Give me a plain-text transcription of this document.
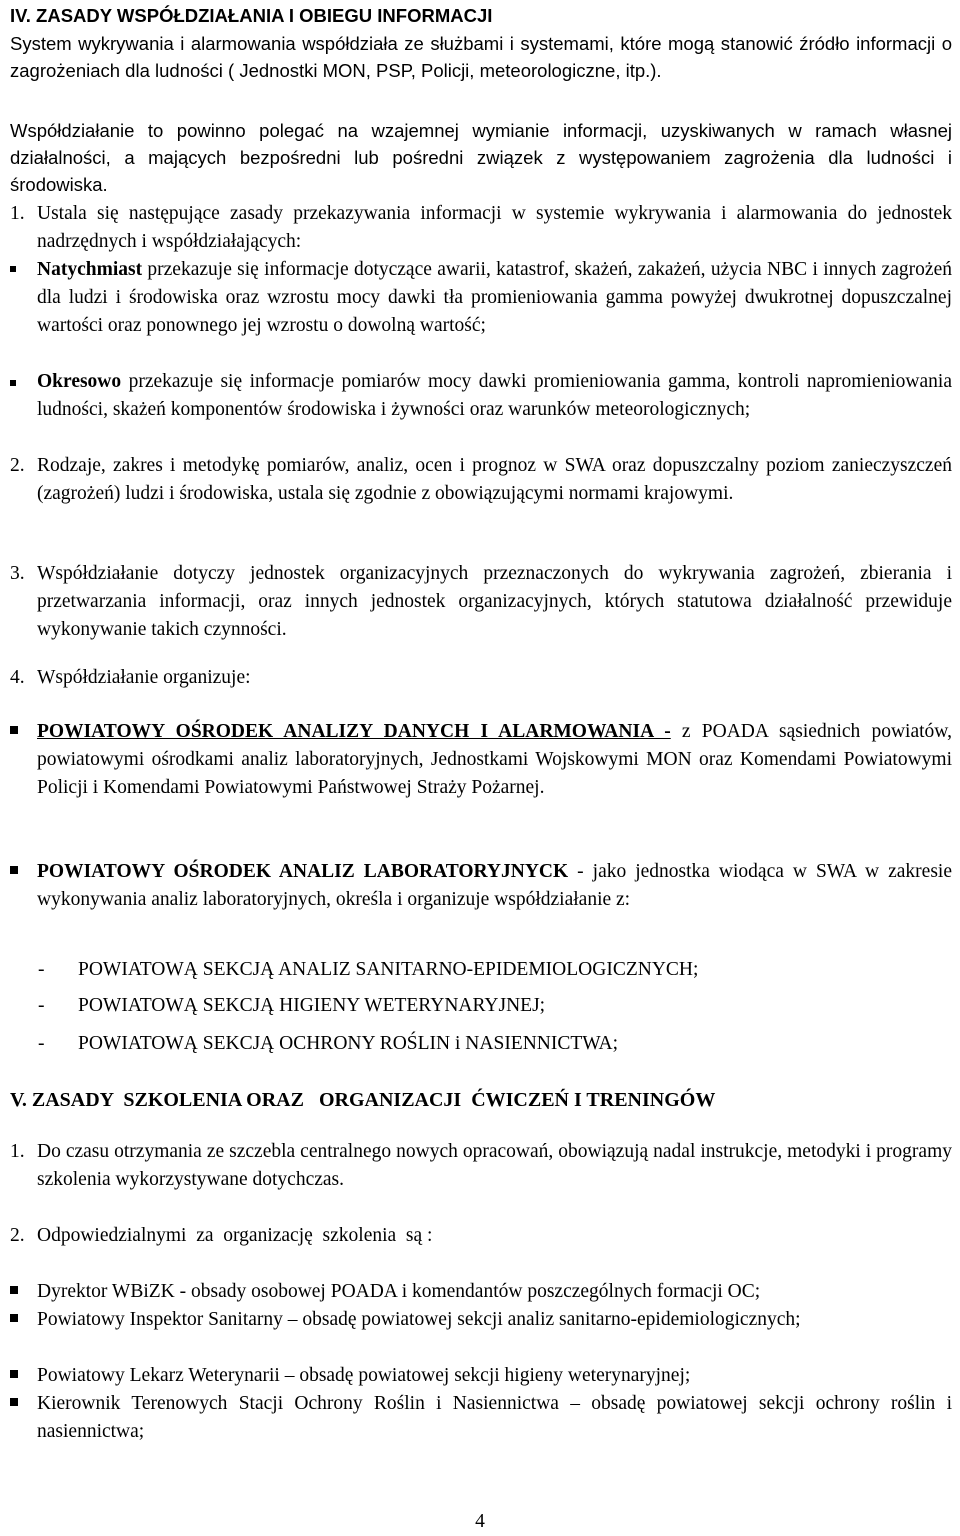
IV. ZASADY WSPÓŁDZIAŁANIA I OBIEGU INFORMACJI

System wykrywania i alarmowania współdziała ze służbami i systemami, które mogą stanowić źródło informacji o zagrożeniach dla ludności ( Jednostki MON, PSP, Policji, meteorologiczne, itp.).

Współdziałanie to powinno polegać na wzajemnej wymianie informacji, uzyskiwanych w ramach własnej działalności, a mających bezpośredni lub pośredni związek z występowaniem zagrożenia dla ludności i środowiska.

1. Ustala się następujące zasady przekazywania informacji w systemie wykrywania i alarmowania do jednostek nadrzędnych i współdziałających:

Natychmiast przekazuje się informacje dotyczące awarii, katastrof, skażeń, zakażeń, użycia NBC i innych zagrożeń dla ludzi i środowiska oraz wzrostu mocy dawki tła promieniowania gamma powyżej dwukrotnej dopuszczalnej wartości oraz ponownego jej wzrostu o dowolną wartość;

Okresowo przekazuje się informacje pomiarów mocy dawki promieniowania gamma, kontroli napromieniowania ludności, skażeń komponentów środowiska i żywności oraz warunków meteorologicznych;

2. Rodzaje, zakres i metodykę pomiarów, analiz, ocen i prognoz w SWA oraz dopuszczalny poziom zanieczyszczeń (zagrożeń) ludzi i środowiska, ustala się zgodnie z obowiązującymi normami krajowymi.

3. Współdziałanie dotyczy jednostek organizacyjnych przeznaczonych do wykrywania zagrożeń, zbierania i przetwarzania informacji, oraz innych jednostek organizacyjnych, których statutowa działalność przewiduje wykonywanie takich czynności.

4. Współdziałanie organizuje:

POWIATOWY OŚRODEK ANALIZY DANYCH I ALARMOWANIA - z POADA sąsiednich powiatów, powiatowymi ośrodkami analiz laboratoryjnych, Jednostkami Wojskowymi MON oraz Komendami Powiatowymi Policji i Komendami Powiatowymi Państwowej Straży Pożarnej.

POWIATOWY OŚRODEK ANALIZ LABORATORYJNYCK - jako jednostka wiodąca w SWA w zakresie wykonywania analiz laboratoryjnych, określa i organizuje współdziałanie z:

- POWIATOWĄ SEKCJĄ ANALIZ SANITARNO-EPIDEMIOLOGICZNYCH;
- POWIATOWĄ SEKCJĄ HIGIENY WETERYNARYJNEJ;
- POWIATOWĄ SEKCJĄ OCHRONY ROŚLIN i NASIENNICTWA;
V. ZASADY  SZKOLENIA ORAZ   ORGANIZACJI  ĆWICZEŃ I TRENINGÓW
1. Do czasu otrzymania ze szczebla centralnego nowych opracowań, obowiązują nadal instrukcje, metodyki i programy szkolenia wykorzystywane dotychczas.

2. Odpowiedzialnymi  za  organizację  szkolenia  są :

Dyrektor WBiZK - obsady osobowej POADA i komendantów poszczególnych formacji OC;

Powiatowy Inspektor Sanitarny – obsadę powiatowej sekcji analiz sanitarno-epidemiologicznych;

Powiatowy Lekarz Weterynarii – obsadę powiatowej sekcji higieny weterynaryjnej;

Kierownik Terenowych Stacji Ochrony Roślin i Nasiennictwa – obsadę powiatowej sekcji ochrony roślin i nasiennictwa;

4
